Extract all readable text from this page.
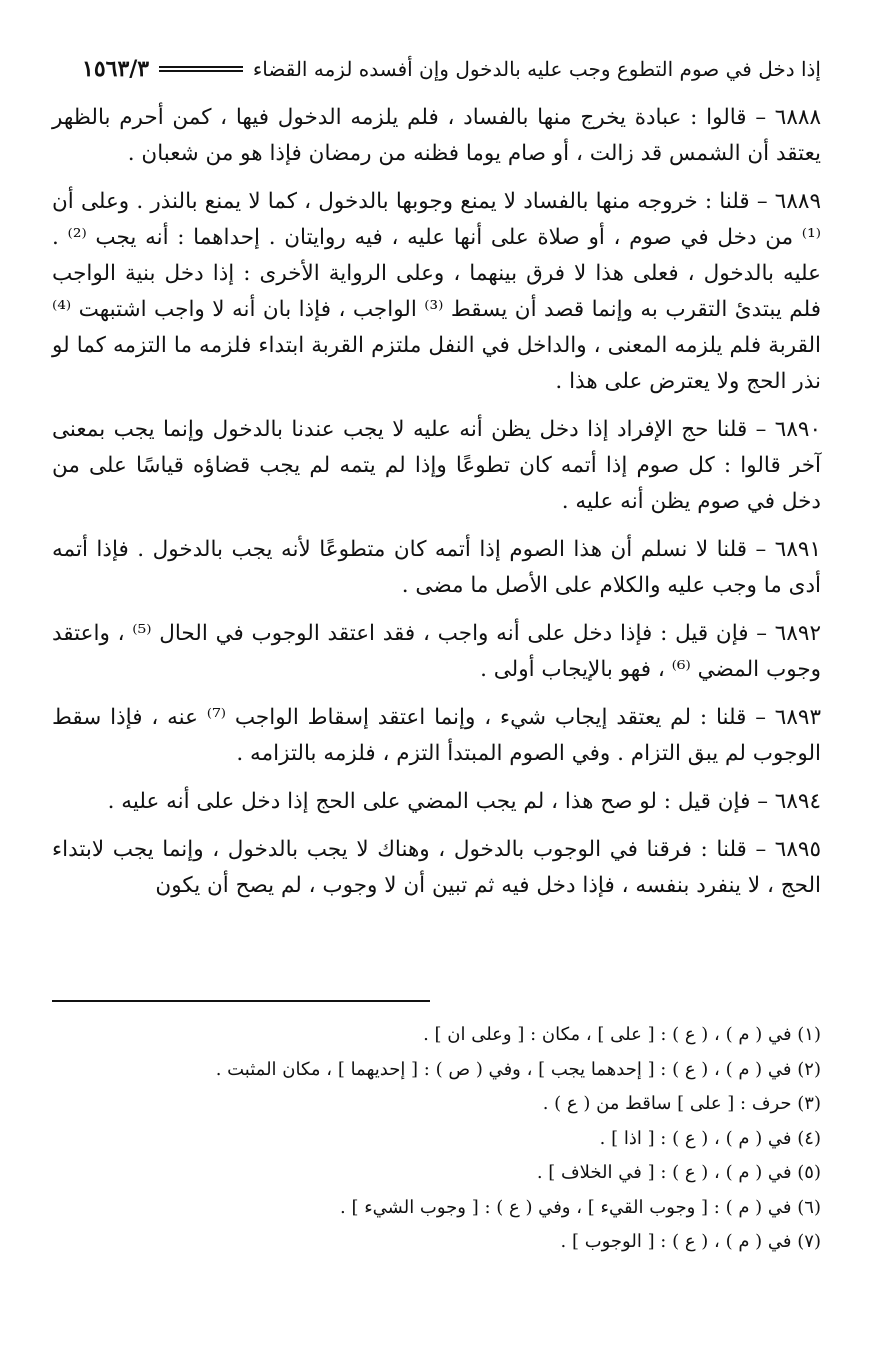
إذا دخل في صوم التطوع وجب عليه بالدخول وإن أفسده لزمه القضاء
١٥٦٣/٣

٦٨٨٨ – قالوا : عبادة يخرج منها بالفساد ، فلم يلزمه الدخول فيها ، كمن أحرم بالظهر يعتقد أن الشمس قد زالت ، أو صام يوما فظنه من رمضان فإذا هو من شعبان .

٦٨٨٩ – قلنا : خروجه منها بالفساد لا يمنع وجوبها بالدخول ، كما لا يمنع بالنذر . وعلى أن ⁽¹⁾ من دخل في صوم ، أو صلاة على أنها عليه ، فيه روايتان . إحداهما : أنه يجب ⁽²⁾ . عليه بالدخول ، فعلى هذا لا فرق بينهما ، وعلى الرواية الأخرى : إذا دخل بنية الواجب فلم يبتدئ التقرب به وإنما قصد أن يسقط ⁽³⁾ الواجب ، فإذا بان أنه لا واجب اشتبهت ⁽⁴⁾ القربة فلم يلزمه المعنى ، والداخل في النفل ملتزم القربة ابتداء فلزمه ما التزمه كما لو نذر الحج ولا يعترض على هذا .

٦٨٩٠ – قلنا حج الإفراد إذا دخل يظن أنه عليه لا يجب عندنا بالدخول وإنما يجب بمعنى آخر قالوا : كل صوم إذا أتمه كان تطوعًا وإذا لم يتمه لم يجب قضاؤه قياسًا على من دخل في صوم يظن أنه عليه .

٦٨٩١ – قلنا لا نسلم أن هذا الصوم إذا أتمه كان متطوعًا لأنه يجب بالدخول . فإذا أتمه أدى ما وجب عليه والكلام على الأصل ما مضى .

٦٨٩٢ – فإن قيل : فإذا دخل على أنه واجب ، فقد اعتقد الوجوب في الحال ⁽⁵⁾ ، واعتقد وجوب المضي ⁽⁶⁾ ، فهو بالإيجاب أولى .

٦٨٩٣ – قلنا : لم يعتقد إيجاب شيء ، وإنما اعتقد إسقاط الواجب ⁽⁷⁾ عنه ، فإذا سقط الوجوب لم يبق التزام . وفي الصوم المبتدأ التزم ، فلزمه بالتزامه .

٦٨٩٤ – فإن قيل : لو صح هذا ، لم يجب المضي على الحج إذا دخل على أنه عليه .

٦٨٩٥ – قلنا : فرقنا في الوجوب بالدخول ، وهناك لا يجب بالدخول ، وإنما يجب لابتداء الحج ، لا ينفرد بنفسه ، فإذا دخل فيه ثم تبين أن لا وجوب ، لم يصح أن يكون

(١) في ( م ) ، ( ع ) : [ على ] ، مكان : [ وعلى ان ] .

(٢) في ( م ) ، ( ع ) : [ إحدهما يجب ] ، وفي ( ص ) : [ إحديهما ] ، مكان المثبت .

(٣) حرف : [ على ] ساقط من ( ع ) .

(٤) في ( م ) ، ( ع ) : [ اذا ] .

(٥) في ( م ) ، ( ع ) : [ في الخلاف ] .

(٦) في ( م ) : [ وجوب القيء ] ، وفي ( ع ) : [ وجوب الشيء ] .

(٧) في ( م ) ، ( ع ) : [ الوجوب ] .
